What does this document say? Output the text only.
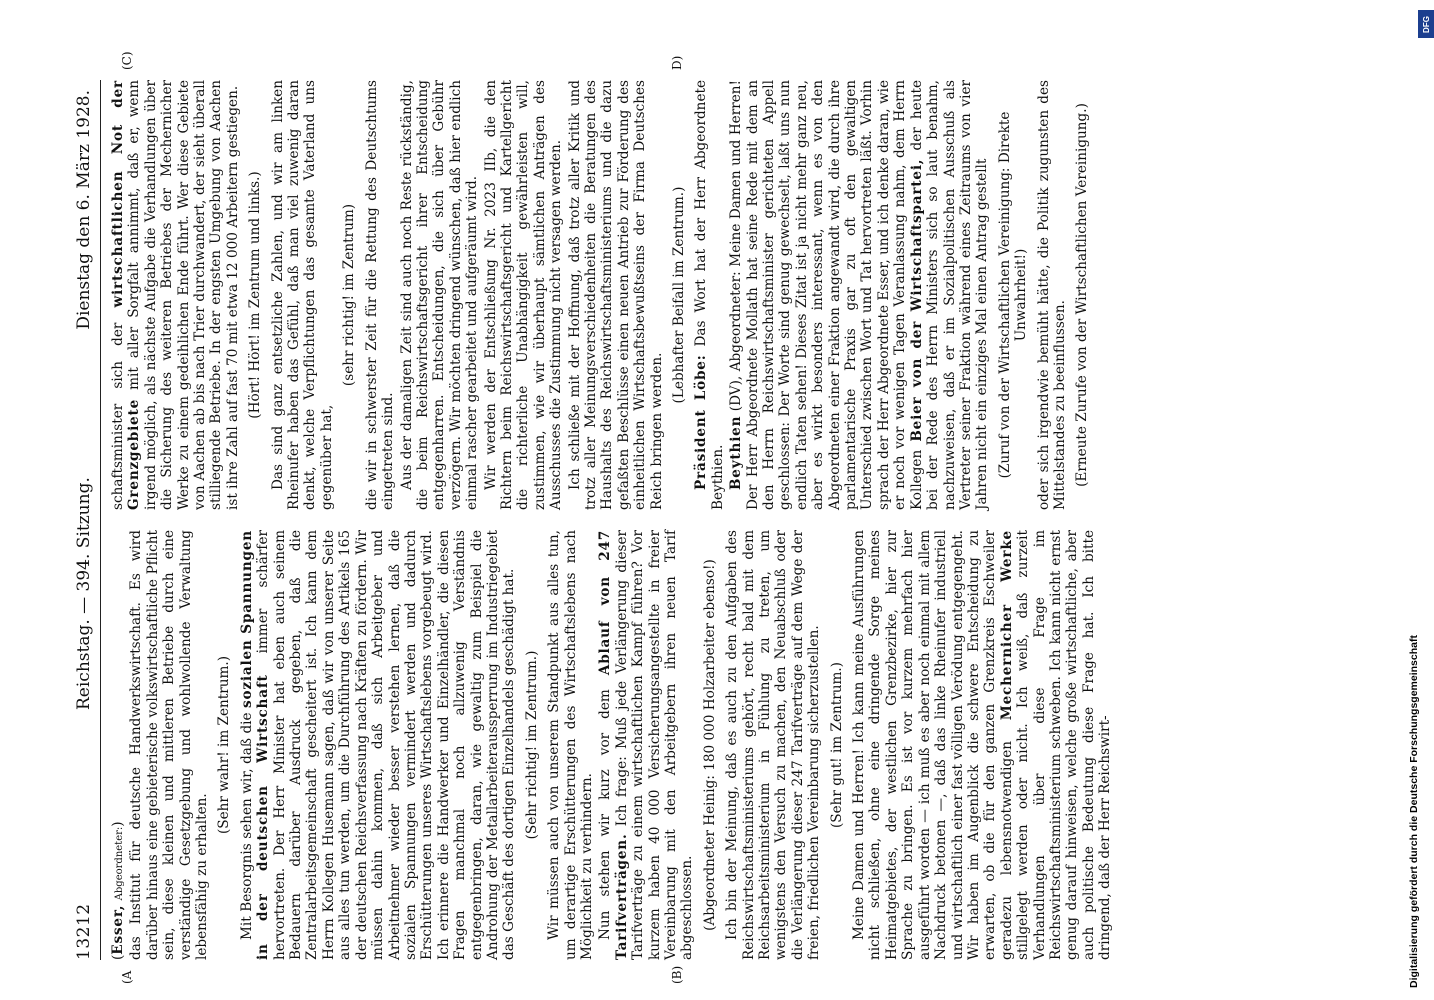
13212
Reichstag. — 394. Sitzung.
Dienstag den 6. März 1928.
(A	(B)
(C)	D)

(Esser, Abgeordneter:) das Institut für deutsche Handwerkswirtschaft. Es wird darüber hinaus eine gebieterische volkswirtschaftliche Pflicht sein, diese kleinen und mittleren Betriebe durch eine verständige Gesetzgebung und wohlwollende Verwaltung lebensfähig zu erhalten.

(Sehr wahr! im Zentrum.) Mit Besorgnis sehen wir, daß die sozialen Spannungen in der deutschen Wirtschaft immer schärfer hervortreten. Der Herr Minister hat eben auch seinem Bedauern darüber Ausdruck gegeben, daß die Zentralarbeitsgemeinschaft gescheitert ist. Ich kann dem Herrn Kollegen Husemann sagen, daß wir von unserer Seite aus alles tun werden, um die Durchführung des Artikels 165 der deutschen Reichsverfassung nach Kräften zu fördern. Wir müssen dahin kommen, daß sich Arbeitgeber und Arbeitnehmer wieder besser verstehen lernen, daß die sozialen Spannungen vermindert werden und dadurch Erschütterungen unseres Wirtschaftslebens vorgebeugt wird. Ich erinnere die Handwerker und Einzelhändler, die diesen Fragen manchmal noch allzuwenig Verständnis entgegenbringen, daran, wie gewaltig zum Beispiel die Androhung der Metallarbeiteraussperrung im Industriegebiet das Geschäft des dortigen Einzelhandels geschädigt hat. (Sehr richtig! im Zentrum.) Wir müssen auch von unserem Standpunkt aus alles tun, um derartige Erschütterungen des Wirtschaftslebens nach Möglichkeit zu verhindern. Nun stehen wir kurz vor dem Ablauf von 247 Tarifverträgen. Ich frage: Muß jede Verlängerung dieser Tarifverträge zu einem wirtschaftlichen Kampf führen? Vor kurzem haben 40 000 Versicherungsangestellte in freier Vereinbarung mit den Arbeitgebern ihren neuen Tarif abgeschlossen. (Abgeordneter Heinig: 180 000 Holzarbeiter ebenso!) Ich bin der Meinung, daß es auch zu den Aufgaben des Reichswirtschaftsministeriums gehört, recht bald mit dem Reichsarbeitsministerium in Fühlung zu treten, um wenigstens den Versuch zu machen, den Neuabschluß oder die Verlängerung dieser 247 Tarifverträge auf dem Wege der freien, friedlichen Vereinbarung sicherzustellen. (Sehr gut! im Zentrum.) Meine Damen und Herren! Ich kann meine Ausführungen nicht schließen, ohne eine dringende Sorge meines Heimatgebietes, der westlichen Grenzbezirke, hier zur Sprache zu bringen. Es ist vor kurzem mehrfach hier ausgeführt worden — ich muß es aber noch einmal mit allem Nachdruck betonen —, daß das linke Rheinufer industriell und wirtschaftlich einer fast völligen Verödung entgegengeht. Wir haben im Augenblick die schwere Entscheidung zu erwarten, ob die für den ganzen Grenzkreis Eschweiler geradezu lebensnotwendigen Mechernicher Werke stillgelegt werden oder nicht. Ich weiß, daß zurzeit Verhandlungen über diese Frage im Reichswirtschaftsministerium schweben. Ich kann nicht ernst genug darauf hinweisen, welche große wirtschaftliche, aber auch politische Bedeutung diese Frage hat. Ich bitte dringend, daß der Herr Reichswirt-

schaftsminister sich der wirtschaftlichen Not der Grenzgebiete mit aller Sorgfalt annimmt, daß er, wenn irgend möglich, als nächste Aufgabe die Verhandlungen über die Sicherung des weiteren Betriebes der Mechernicher Werke zu einem gedeihlichen Ende führt. Wer diese Gebiete von Aachen ab bis nach Trier durchwandert, der sieht überall stilliegende Betriebe. In der engsten Umgebung von Aachen ist ihre Zahl auf fast 70 mit etwa 12 000 Arbeitern gestiegen. (Hört! Hört! im Zentrum und links.) Das sind ganz entsetzliche Zahlen, und wir am linken Rheinufer haben das Gefühl, daß man viel zuwenig daran denkt, welche Verpflichtungen das gesamte Vaterland uns gegenüber hat,

(sehr richtig! im Zentrum) die wir in schwerster Zeit für die Rettung des Deutschtums eingetreten sind. Aus der damaligen Zeit sind auch noch Reste rückständig, die beim Reichswirtschaftsgericht ihrer Entscheidung entgegenharren. Entscheidungen, die sich über Gebühr verzögern. Wir möchten dringend wünschen, daß hier endlich einmal rascher gearbeitet und aufgeräumt wird. Wir werden der Entschließung Nr. 2023 IIb, die den Richtern beim Reichswirtschaftsgericht und Kartellgericht die richterliche Unabhängigkeit gewährleisten will, zustimmen, wie wir überhaupt sämtlichen Anträgen des Ausschusses die Zustimmung nicht versagen werden. Ich schließe mit der Hoffnung, daß trotz aller Kritik und trotz aller Meinungsverschiedenheiten die Beratungen des Haushalts des Reichswirtschaftsministeriums und die dazu gefaßten Beschlüsse einen neuen Antrieb zur Förderung des einheitlichen Wirtschaftsbewußtseins der Firma Deutsches Reich bringen werden.

(Lebhafter Beifall im Zentrum.)

Präsident Löbe: Das Wort hat der Herr Abgeordnete Beythien. Beythien (DV), Abgeordneter: Meine Damen und Herren! Der Herr Abgeordnete Mollath hat seine Rede mit dem an den Herrn Reichswirtschaftsminister gerichteten Appell geschlossen: Der Worte sind genug gewechselt, laßt uns nun endlich Taten sehen! Dieses Zitat ist ja nicht mehr ganz neu, aber es wirkt besonders interessant, wenn es von den Abgeordneten einer Fraktion angewandt wird, die durch ihre parlamentarische Praxis gar zu oft den gewaltigen Unterschied zwischen Wort und Tat hervortreten läßt. Vorhin sprach der Herr Abgeordnete Esser, und ich denke daran, wie er noch vor wenigen Tagen Veranlassung nahm, dem Herrn Kollegen Beier von der Wirtschaftspartei, der heute bei der Rede des Herrn Ministers sich so laut benahm, nachzuweisen, daß er im Sozialpolitischen Ausschuß als Vertreter seiner Fraktion während eines Zeitraums von vier Jahren nicht ein einziges Mal einen Antrag gestellt (Zuruf von der Wirtschaftlichen Vereinigung: Direkte Unwahrheit!) oder sich irgendwie bemüht hätte, die Politik zugunsten des Mittelstandes zu beeinflussen. (Erneute Zurufe von der Wirtschaftlichen Vereinigung.)

Digitalisierung gefördert durch die Deutsche Forschungsgemeinschaft
DFG
